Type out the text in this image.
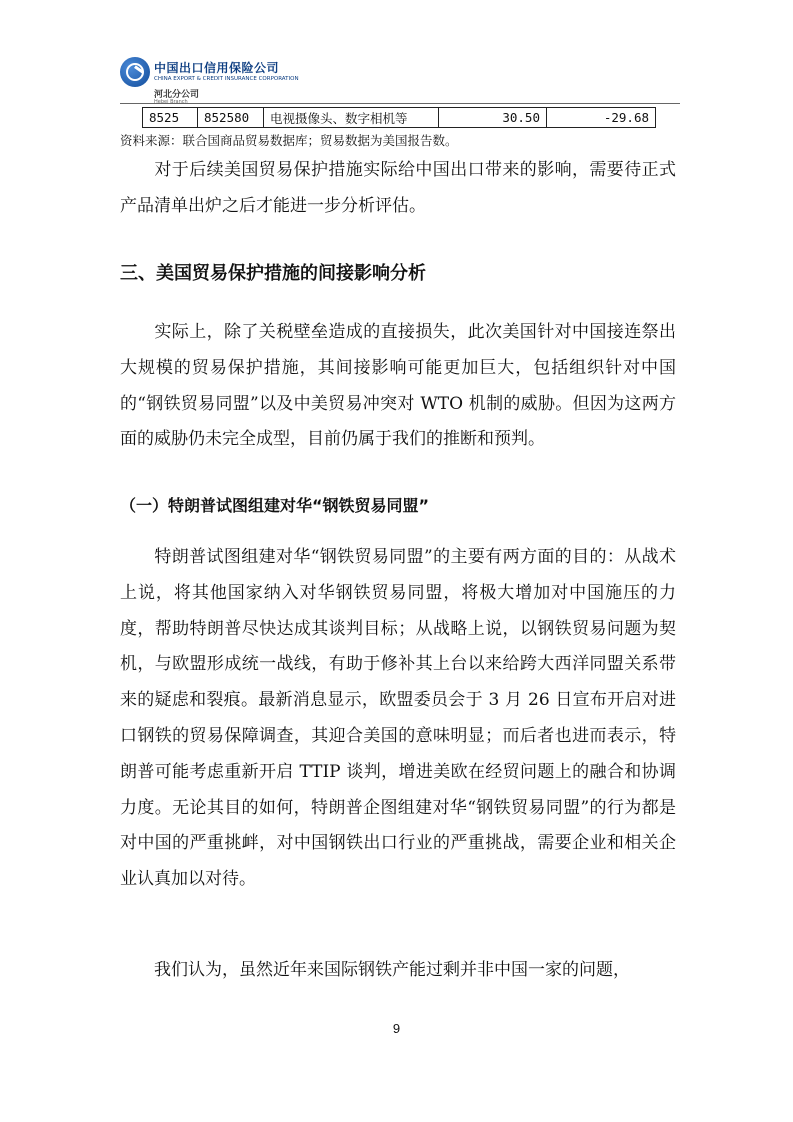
中国出口信用保险公司
CHINA EXPORT & CREDIT INSURANCE CORPORATION
河北分公司
Hebei Branch
8525	852580	电视摄像头、数字相机等	30.50	-29.68
资料来源：联合国商品贸易数据库；贸易数据为美国报告数。

对于后续美国贸易保护措施实际给中国出口带来的影响，需要待正式产品清单出炉之后才能进一步分析评估。

三、美国贸易保护措施的间接影响分析

实际上，除了关税壁垒造成的直接损失，此次美国针对中国接连祭出大规模的贸易保护措施，其间接影响可能更加巨大，包括组织针对中国的“钢铁贸易同盟”以及中美贸易冲突对 WTO 机制的威胁。但因为这两方面的威胁仍未完全成型，目前仍属于我们的推断和预判。

（一）特朗普试图组建对华“钢铁贸易同盟”

特朗普试图组建对华“钢铁贸易同盟”的主要有两方面的目的：从战术上说，将其他国家纳入对华钢铁贸易同盟，将极大增加对中国施压的力度，帮助特朗普尽快达成其谈判目标；从战略上说，以钢铁贸易问题为契机，与欧盟形成统一战线，有助于修补其上台以来给跨大西洋同盟关系带来的疑虑和裂痕。最新消息显示，欧盟委员会于 3 月 26 日宣布开启对进口钢铁的贸易保障调查，其迎合美国的意味明显；而后者也进而表示，特朗普可能考虑重新开启 TTIP 谈判，增进美欧在经贸问题上的融合和协调力度。无论其目的如何，特朗普企图组建对华“钢铁贸易同盟”的行为都是对中国的严重挑衅，对中国钢铁出口行业的严重挑战，需要企业和相关企业认真加以对待。

我们认为，虽然近年来国际钢铁产能过剩并非中国一家的问题，

9
